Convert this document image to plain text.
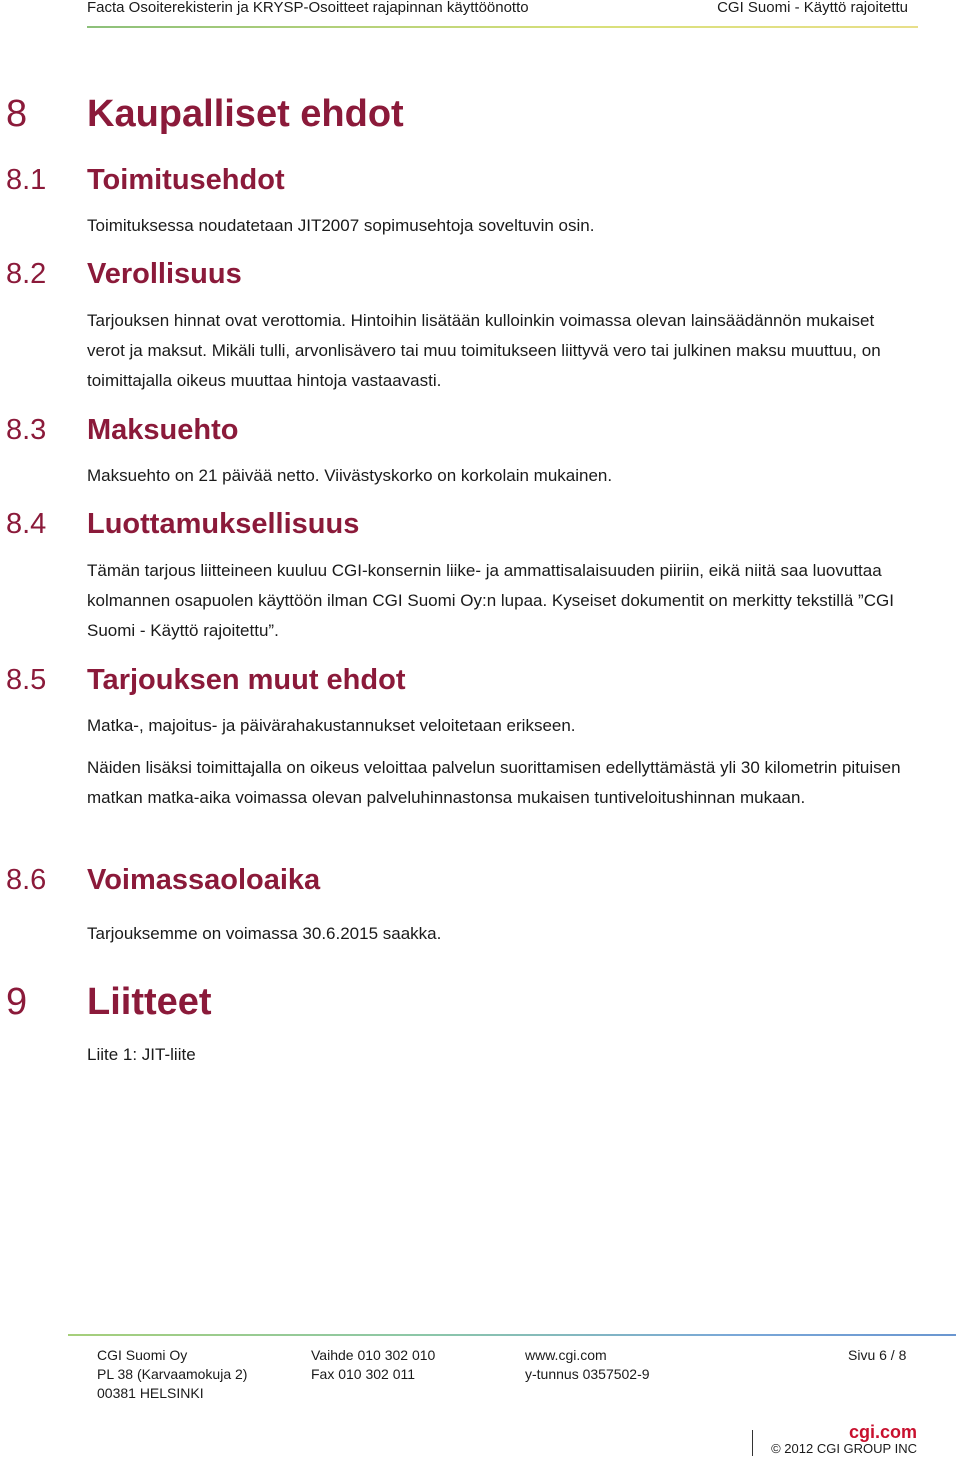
Facta Osoiterekisterin ja KRYSP-Osoitteet rajapinnan käyttöönotto	CGI Suomi - Käyttö rajoitettu
8 Kaupalliset ehdot
8.1 Toimitusehdot

Toimituksessa noudatetaan JIT2007 sopimusehtoja soveltuvin osin.

8.2 Verollisuus

Tarjouksen hinnat ovat verottomia. Hintoihin lisätään kulloinkin voimassa olevan lainsäädännön mukaiset verot ja maksut. Mikäli tulli, arvonlisävero tai muu toimitukseen liittyvä vero tai julkinen maksu muuttuu, on toimittajalla oikeus muuttaa hintoja vastaavasti.

8.3 Maksuehto

Maksuehto on 21 päivää netto. Viivästyskorko on korkolain mukainen.

8.4 Luottamuksellisuus

Tämän tarjous liitteineen kuuluu CGI-konsernin liike- ja ammattisalaisuuden piiriin, eikä niitä saa luovuttaa kolmannen osapuolen käyttöön ilman CGI Suomi Oy:n lupaa. Kyseiset dokumentit on merkitty tekstillä ”CGI Suomi - Käyttö rajoitettu”.

8.5 Tarjouksen muut ehdot

Matka-, majoitus- ja päivärahakustannukset veloitetaan erikseen.

Näiden lisäksi toimittajalla on oikeus veloittaa palvelun suorittamisen edellyttämästä yli 30 kilometrin pituisen matkan matka-aika voimassa olevan palveluhinnastonsa mukaisen tuntiveloitushinnan mukaan.

8.6 Voimassaoloaika

Tarjouksemme on voimassa 30.6.2015 saakka.

9 Liitteet

Liite 1: JIT-liite

CGI Suomi Oy
PL 38 (Karvaamokuja 2)
00381 HELSINKI
Vaihde 010 302 010
Fax 010 302 011
www.cgi.com
y-tunnus 0357502-9
Sivu 6 / 8
cgi.com
© 2012 CGI GROUP INC
